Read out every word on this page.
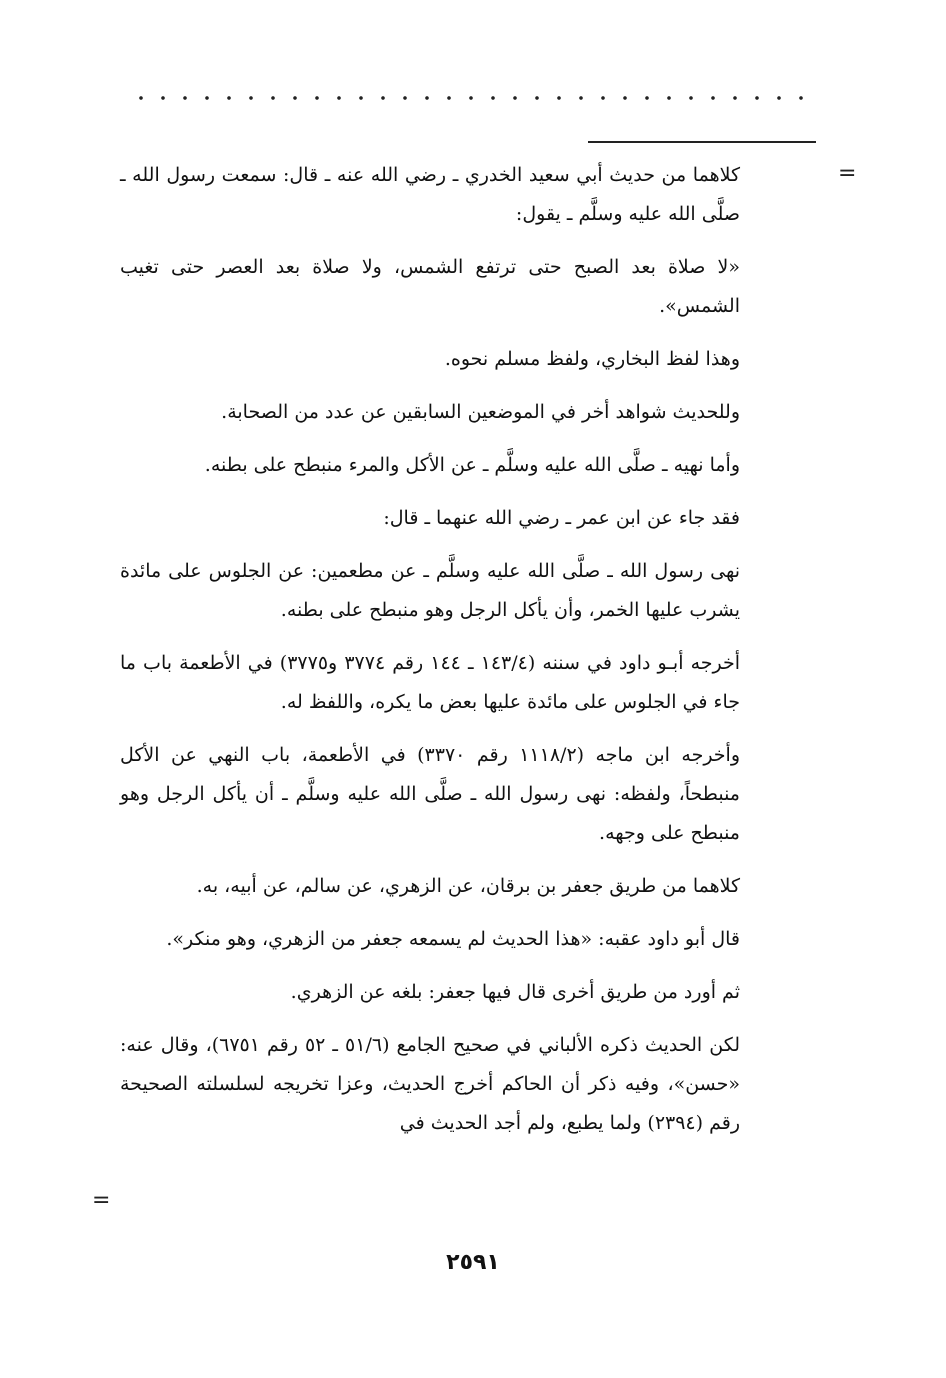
=

كلاهما من حديث أبي سعيد الخدري ـ رضي الله عنه ـ قال: سمعت رسول الله ـ صلَّى الله عليه وسلَّم ـ يقول:

«لا صلاة بعد الصبح حتى ترتفع الشمس، ولا صلاة بعد العصر حتى تغيب الشمس».

وهذا لفظ البخاري، ولفظ مسلم نحوه.

وللحديث شواهد أخر في الموضعين السابقين عن عدد من الصحابة.

وأما نهيه ـ صلَّى الله عليه وسلَّم ـ عن الأكل والمرء منبطح على بطنه.

فقد جاء عن ابن عمر ـ رضي الله عنهما ـ قال:

نهى رسول الله ـ صلَّى الله عليه وسلَّم ـ عن مطعمين: عن الجلوس على مائدة يشرب عليها الخمر، وأن يأكل الرجل وهو منبطح على بطنه.

أخرجه أبـو داود في سننه (١٤٣/٤ ـ ١٤٤ رقم ٣٧٧٤ و٣٧٧٥) في الأطعمة باب ما جاء في الجلوس على مائدة عليها بعض ما يكره، واللفظ له.

وأخرجه ابن ماجه (١١١٨/٢ رقم ٣٣٧٠) في الأطعمة، باب النهي عن الأكل منبطحاً، ولفظه: نهى رسول الله ـ صلَّى الله عليه وسلَّم ـ أن يأكل الرجل وهو منبطح على وجهه.

كلاهما من طريق جعفر بن برقان، عن الزهري، عن سالم، عن أبيه، به.

قال أبو داود عقبه: «هذا الحديث لم يسمعه جعفر من الزهري، وهو منكر».

ثم أورد من طريق أخرى قال فيها جعفر: بلغه عن الزهري.

لكن الحديث ذكره الألباني في صحيح الجامع (٥١/٦ ـ ٥٢ رقم ٦٧٥١)، وقال عنه: «حسن»، وفيه ذكر أن الحاكم أخرج الحديث، وعزا تخريجه لسلسلته الصحيحة رقم (٢٣٩٤) ولما يطبع، ولم أجد الحديث في

=
٢٥٩١
